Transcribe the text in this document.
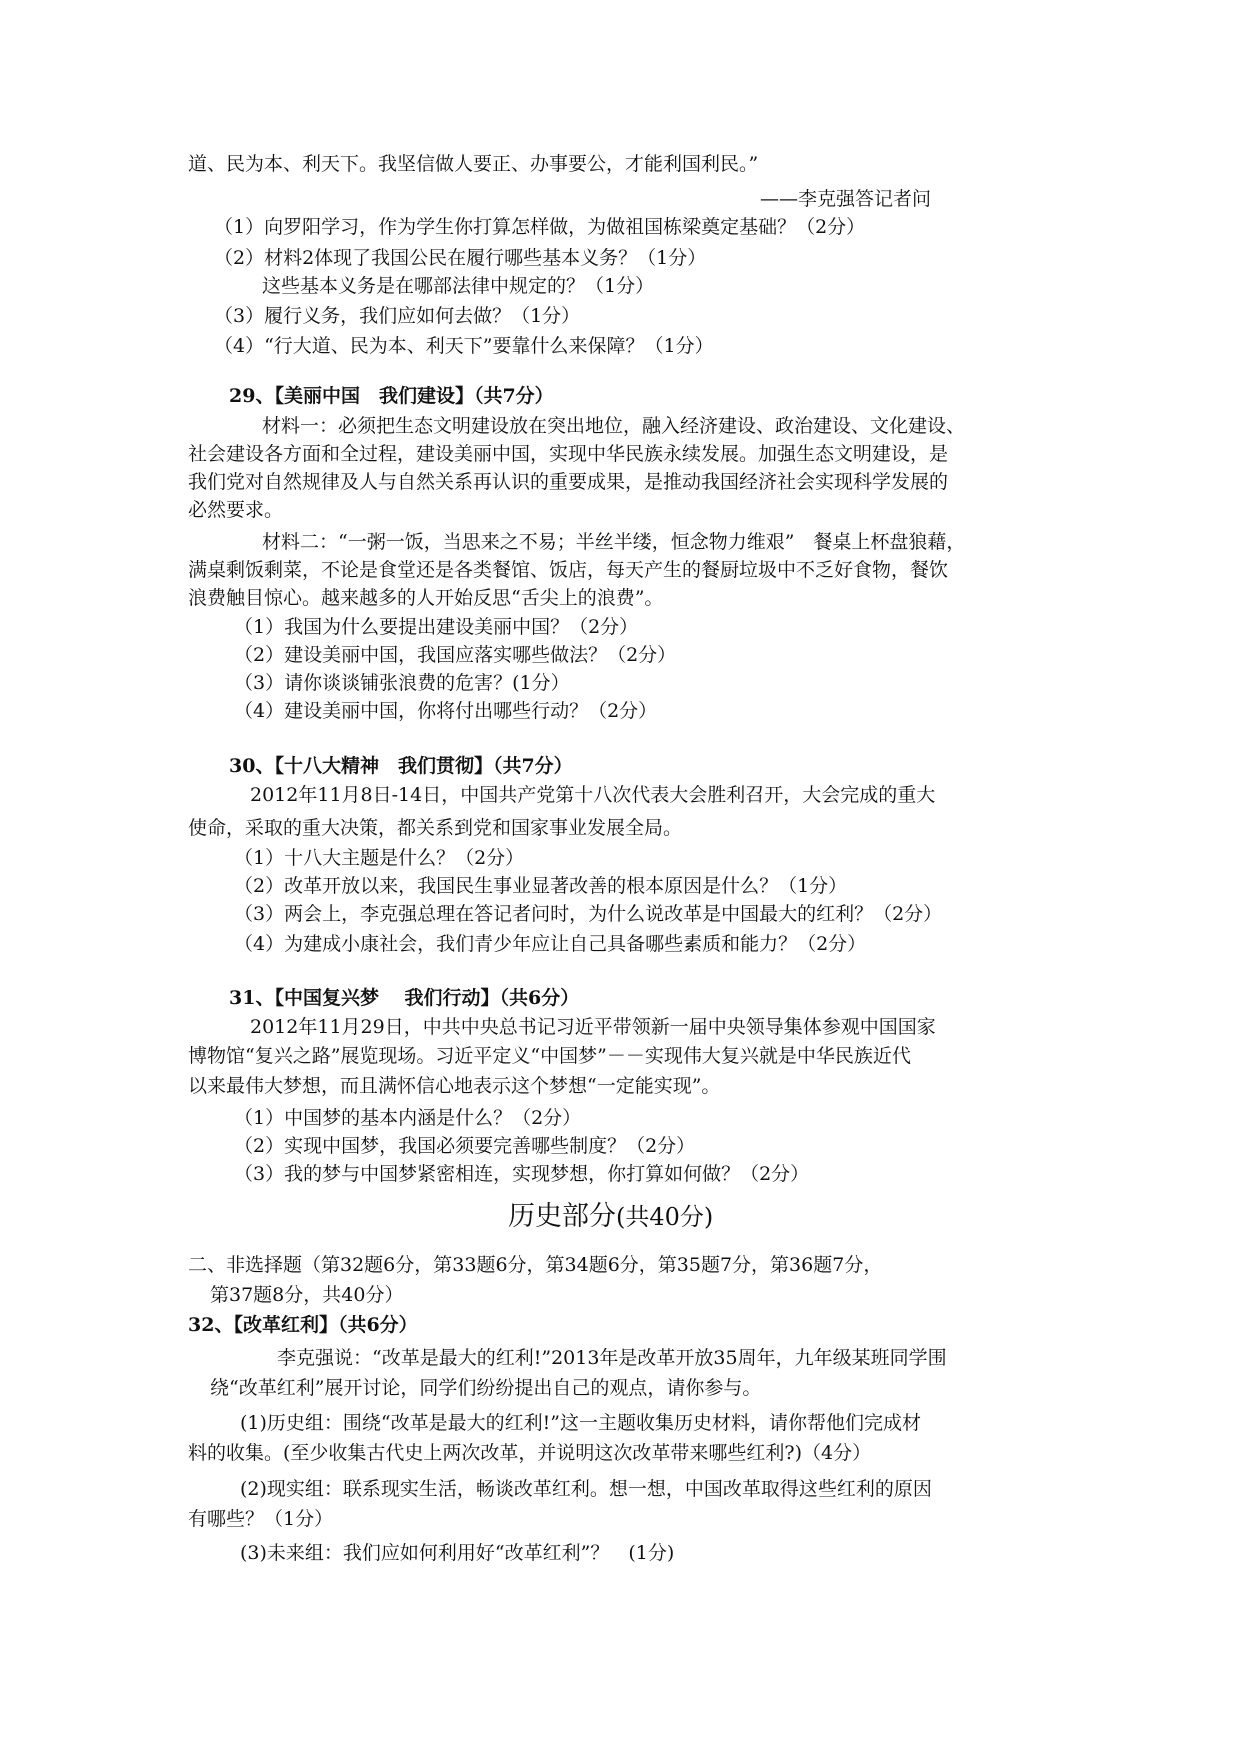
道、民为本、利天下。我坚信做人要正、办事要公，才能利国利民。”
——李克强答记者问
（1）向罗阳学习，作为学生你打算怎样做，为做祖国栋梁奠定基础？（2分）
（2）材料2体现了我国公民在履行哪些基本义务？（1分）
这些基本义务是在哪部法律中规定的？（1分）
（3）履行义务，我们应如何去做？（1分）
（4）“行大道、民为本、利天下”要靠什么来保障？（1分）
29、【美丽中国　我们建设】（共7分）
材料一：必须把生态文明建设放在突出地位，融入经济建设、政治建设、文化建设、
社会建设各方面和全过程，建设美丽中国，实现中华民族永续发展。加强生态文明建设，是
我们党对自然规律及人与自然关系再认识的重要成果，是推动我国经济社会实现科学发展的
必然要求。
材料二：“一粥一饭，当思来之不易；半丝半缕，恒念物力维艰”　餐桌上杯盘狼藉，
满桌剩饭剩菜，不论是食堂还是各类餐馆、饭店，每天产生的餐厨垃圾中不乏好食物，餐饮
浪费触目惊心。越来越多的人开始反思“舌尖上的浪费”。
（1）我国为什么要提出建设美丽中国？（2分）
（2）建设美丽中国，我国应落实哪些做法？（2分）
（3）请你谈谈铺张浪费的危害？(1分）
（4）建设美丽中国，你将付出哪些行动？（2分）
30、【十八大精神　我们贯彻】（共7分）
2012年11月8日-14日，中国共产党第十八次代表大会胜利召开，大会完成的重大
使命，采取的重大决策，都关系到党和国家事业发展全局。
（1）十八大主题是什么？（2分）
（2）改革开放以来，我国民生事业显著改善的根本原因是什么？（1分）
（3）两会上，李克强总理在答记者问时，为什么说改革是中国最大的红利？（2分）
（4）为建成小康社会，我们青少年应让自己具备哪些素质和能力？（2分）
31、【中国复兴梦　 我们行动】（共6分）
2012年11月29日，中共中央总书记习近平带领新一届中央领导集体参观中国国家
博物馆“复兴之路”展览现场。习近平定义“中国梦”－－实现伟大复兴就是中华民族近代
以来最伟大梦想，而且满怀信心地表示这个梦想“一定能实现”。
（1）中国梦的基本内涵是什么？（2分）
（2）实现中国梦，我国必须要完善哪些制度？（2分）
（3）我的梦与中国梦紧密相连，实现梦想，你打算如何做？（2分）
历史部分(共40分)
二、非选择题（第32题6分，第33题6分，第34题6分，第35题7分，第36题7分，
第37题8分，共40分）
32、【改革红利】（共6分）
李克强说：“改革是最大的红利!”2013年是改革开放35周年，九年级某班同学围
绕“改革红利”展开讨论，同学们纷纷提出自己的观点，请你参与。
(1)历史组：围绕“改革是最大的红利!”这一主题收集历史材料，请你帮他们完成材
料的收集。(至少收集古代史上两次改革，并说明这次改革带来哪些红利?)（4分）
(2)现实组：联系现实生活，畅谈改革红利。想一想，中国改革取得这些红利的原因
有哪些？（1分）
(3)未来组：我们应如何利用好“改革红利”？　(1分)
